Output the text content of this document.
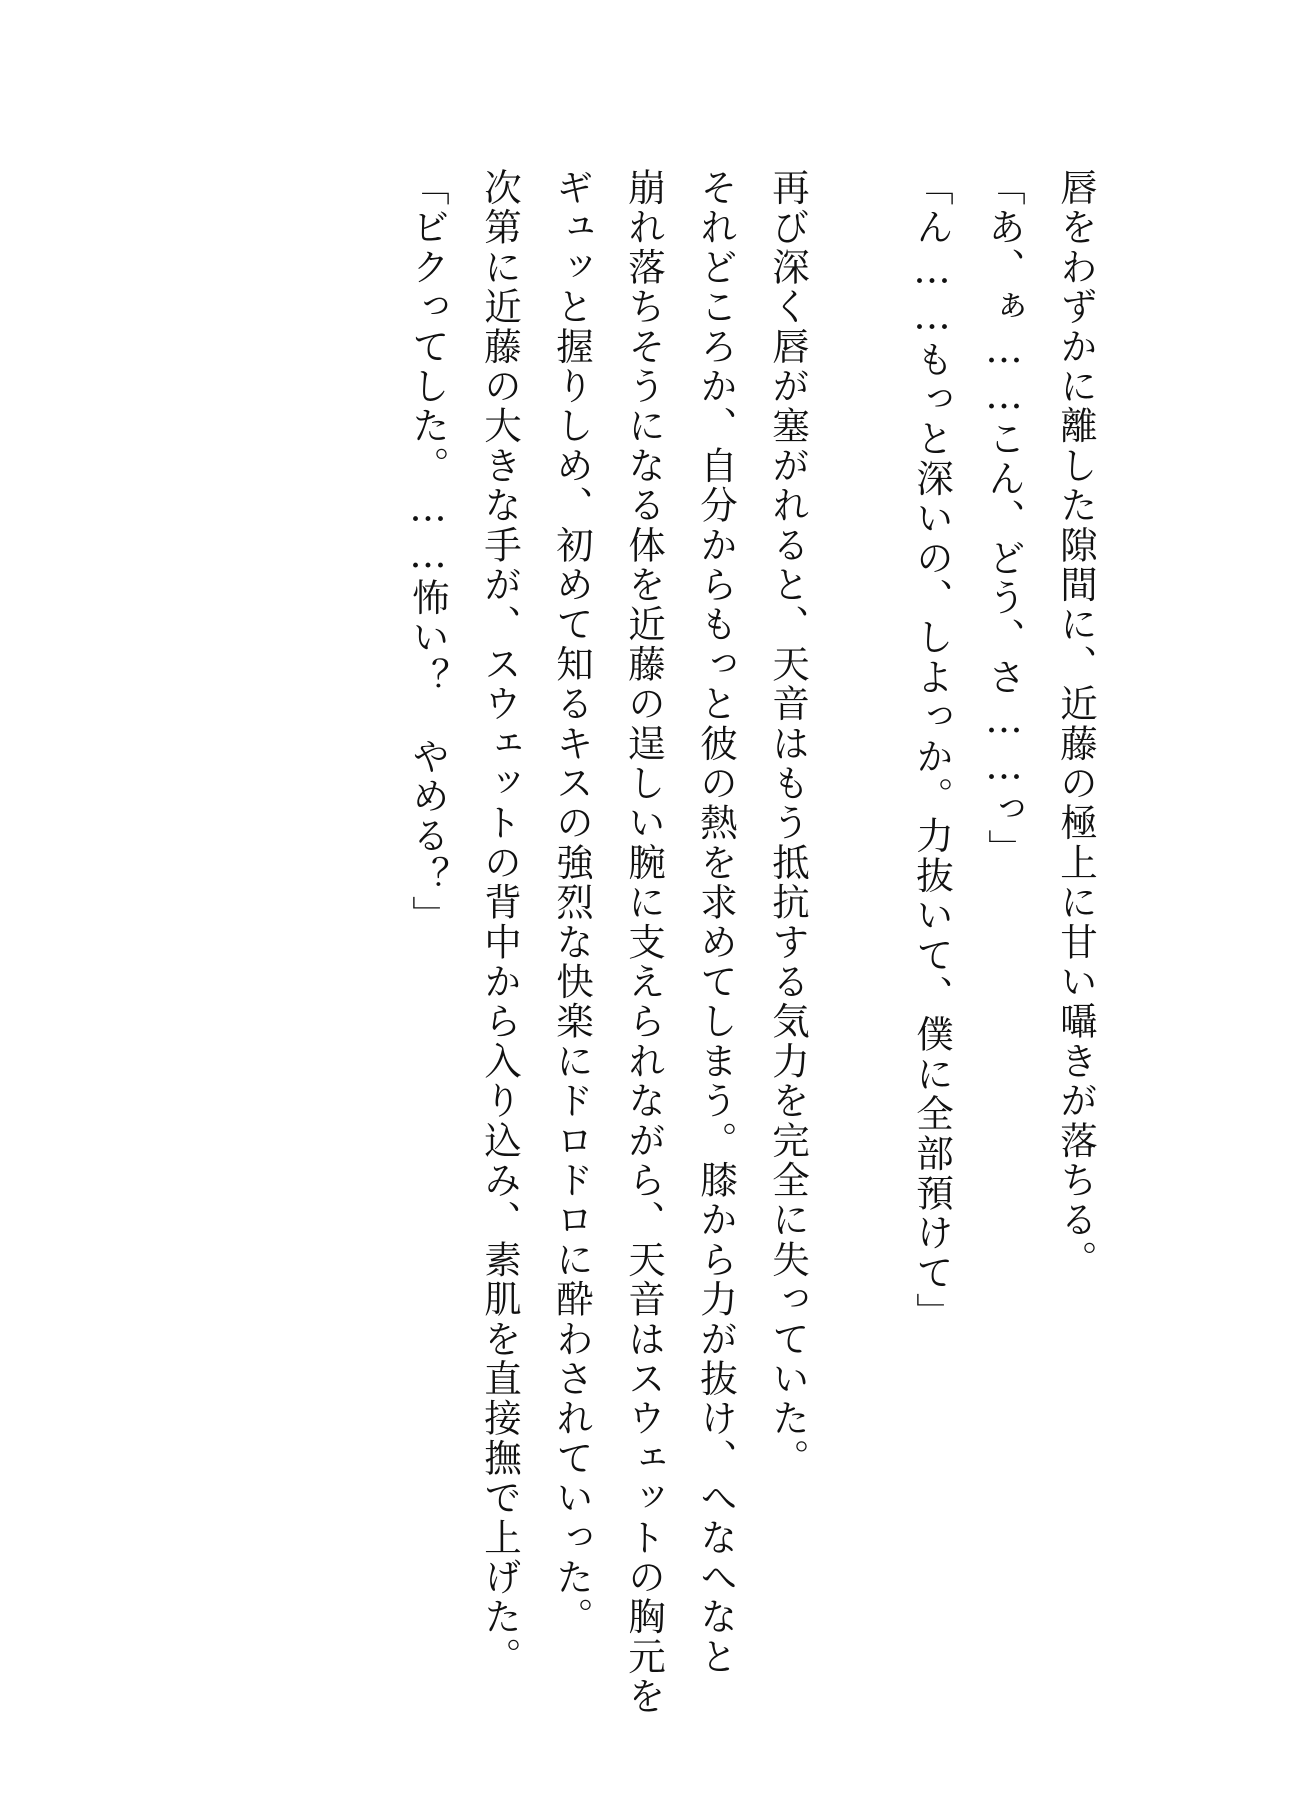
唇をわずかに離した隙間に、近藤の極上に甘い囁きが落ちる。
「あ、ぁ……こん、どう、さ……っ」
「ん……もっと深いの、しよっか。力抜いて、僕に全部預けて」
再び深く唇が塞がれると、天音はもう抵抗する気力を完全に失っていた。
それどころか、自分からもっと彼の熱を求めてしまう。膝から力が抜け、へなへなと
崩れ落ちそうになる体を近藤の逞しい腕に支えられながら、天音はスウェットの胸元を
ギュッと握りしめ、初めて知るキスの強烈な快楽にドロドロに酔わされていった。
次第に近藤の大きな手が、スウェットの背中から入り込み、素肌を直接撫で上げた。
「ビクってした。……怖い？　やめる？」
